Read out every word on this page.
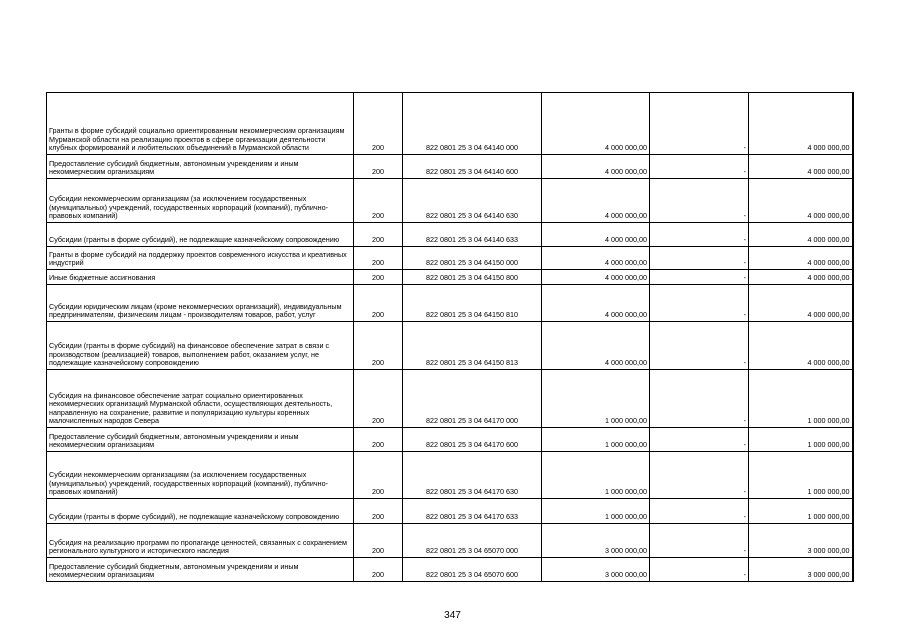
Гранты в форме субсидий социально ориентированным некоммерческим организациям Мурманской области на реализацию проектов в сфере организации деятельности клубных формирований и любительских объединений в Мурманской области	200	822 0801 25 3 04 64140 000	4 000 000,00	-	4 000 000,00
Предоставление субсидий бюджетным, автономным учреждениям и иным некоммерческим организациям	200	822 0801 25 3 04 64140 600	4 000 000,00	-	4 000 000,00
Субсидии некоммерческим организациям (за исключением государственных (муниципальных) учреждений, государственных корпораций (компаний), публично-правовых компаний)	200	822 0801 25 3 04 64140 630	4 000 000,00	-	4 000 000,00
Субсидии (гранты в форме субсидий), не подлежащие казначейскому сопровождению	200	822 0801 25 3 04 64140 633	4 000 000,00	-	4 000 000,00
Гранты в форме субсидий на поддержку проектов современного искусства и креативных индустрий	200	822 0801 25 3 04 64150 000	4 000 000,00	-	4 000 000,00
Иные бюджетные ассигнования	200	822 0801 25 3 04 64150 800	4 000 000,00	-	4 000 000,00
Субсидии юридическим лицам (кроме некоммерческих организаций), индивидуальным предпринимателям, физическим лицам - производителям товаров, работ, услуг	200	822 0801 25 3 04 64150 810	4 000 000,00	-	4 000 000,00
Субсидии (гранты в форме субсидий) на финансовое обеспечение затрат в связи с производством (реализацией) товаров, выполнением работ, оказанием услуг, не подлежащие казначейскому сопровождению	200	822 0801 25 3 04 64150 813	4 000 000,00	-	4 000 000,00
Субсидия на финансовое обеспечение затрат социально ориентированных некоммерческих организаций Мурманской области, осуществляющих деятельность, направленную на сохранение, развитие и популяризацию культуры коренных малочисленных народов Севера	200	822 0801 25 3 04 64170 000	1 000 000,00	-	1 000 000,00
Предоставление субсидий бюджетным, автономным учреждениям и иным некоммерческим организациям	200	822 0801 25 3 04 64170 600	1 000 000,00	-	1 000 000,00
Субсидии некоммерческим организациям (за исключением государственных (муниципальных) учреждений, государственных корпораций (компаний), публично-правовых компаний)	200	822 0801 25 3 04 64170 630	1 000 000,00	-	1 000 000,00
Субсидии (гранты в форме субсидий), не подлежащие казначейскому сопровождению	200	822 0801 25 3 04 64170 633	1 000 000,00	-	1 000 000,00
Субсидия на реализацию программ по пропаганде ценностей, связанных с сохранением регионального культурного и исторического наследия	200	822 0801 25 3 04 65070 000	3 000 000,00	-	3 000 000,00
Предоставление субсидий бюджетным, автономным учреждениям и иным некоммерческим организациям	200	822 0801 25 3 04 65070 600	3 000 000,00	-	3 000 000,00
347
